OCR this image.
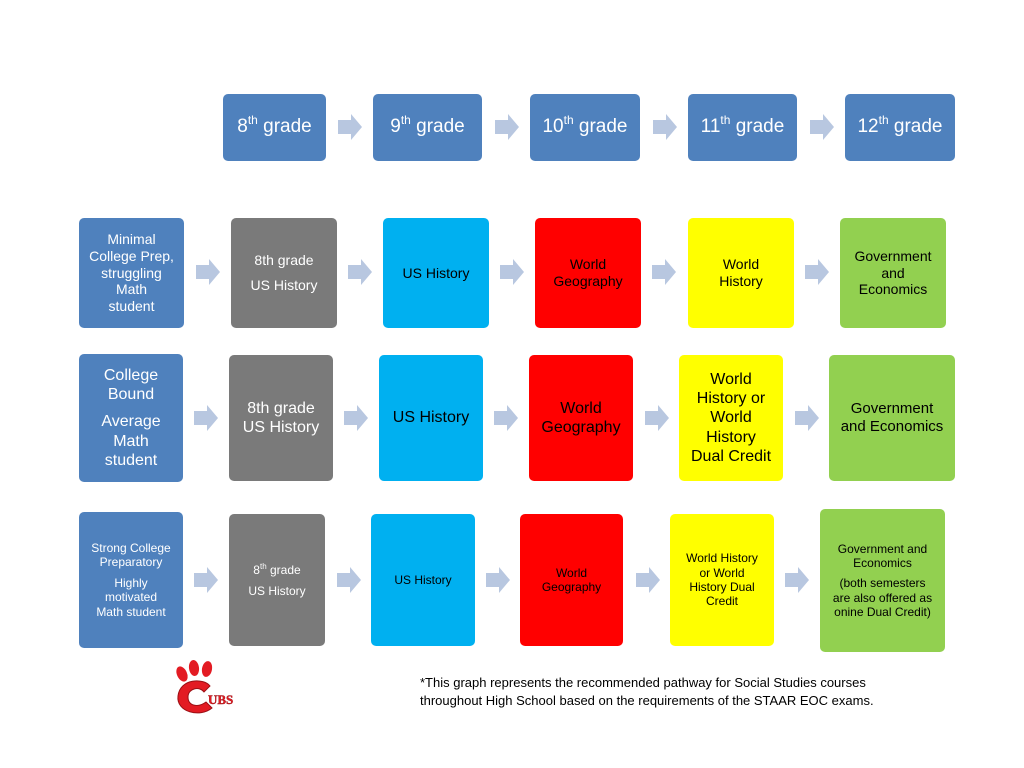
8th
grade	9th
grade	10th
grade	11th
grade	12th
grade
Minimal
College Prep,
struggling
Math
student
8th grade
US History
US History
World
Geography
World
History
Government
and
Economics
College
Bound
Average
Math
student
8th grade
US History
US History
World
Geography
World
History or
World
History
Dual Credit
Government
and Economics
Strong College
Preparatory
Highly
motivated
Math student
8th grade
US History
US History
World
Geography
World History
or World
History Dual
Credit
Government and
Economics
(both semesters
are also offered as
onine Dual Credit)
UBS
*This graph represents the recommended pathway for Social Studies courses
throughout High School based on the requirements of the STAAR EOC exams.
